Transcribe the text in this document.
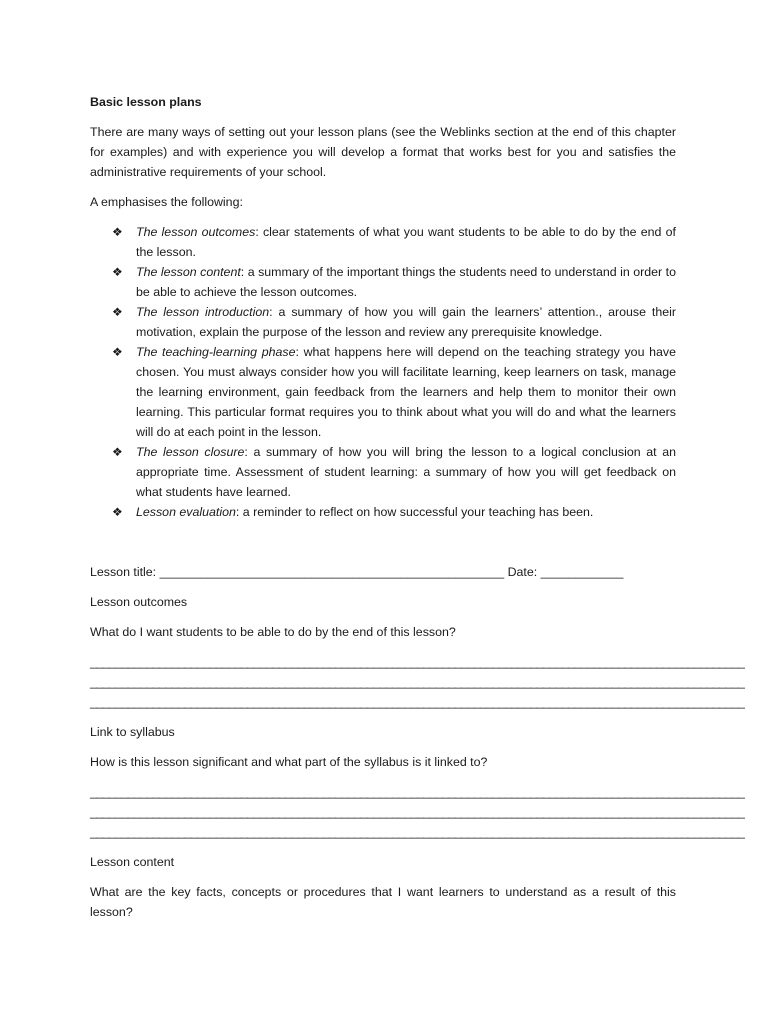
Basic lesson plans

There are many ways of setting out your lesson plans (see the Weblinks section at the end of this chapter for examples) and with experience you will develop a format that works best for you and satisfies the administrative requirements of your school.

A emphasises the following:

❖ The lesson outcomes: clear statements of what you want students to be able to do by the end of the lesson.
❖ The lesson content: a summary of the important things the students need to understand in order to be able to achieve the lesson outcomes.
❖ The lesson introduction: a summary of how you will gain the learners’ attention., arouse their motivation, explain the purpose of the lesson and review any prerequisite knowledge.
❖ The teaching-learning phase: what happens here will depend on the teaching strategy you have chosen. You must always consider how you will facilitate learning, keep learners on task, manage the learning environment, gain feedback from the learners and help them to monitor their own learning. This particular format requires you to think about what you will do and what the learners will do at each point in the lesson.
❖ The lesson closure: a summary of how you will bring the lesson to a logical conclusion at an appropriate time. Assessment of student learning: a summary of how you will get feedback on what students have learned.
❖ Lesson evaluation: a reminder to reflect on how successful your teaching has been.

Lesson title: __________________________________________________ Date: ____________

Lesson outcomes

What do I want students to be able to do by the end of this lesson?

________________________________________________________________________________________________________
________________________________________________________________________________________________________
________________________________________________________________________________________________________

Link to syllabus

How is this lesson significant and what part of the syllabus is it linked to?

________________________________________________________________________________________________________
________________________________________________________________________________________________________
________________________________________________________________________________________________________

Lesson content

What are the key facts, concepts or procedures that I want learners to understand as a result of this lesson?
